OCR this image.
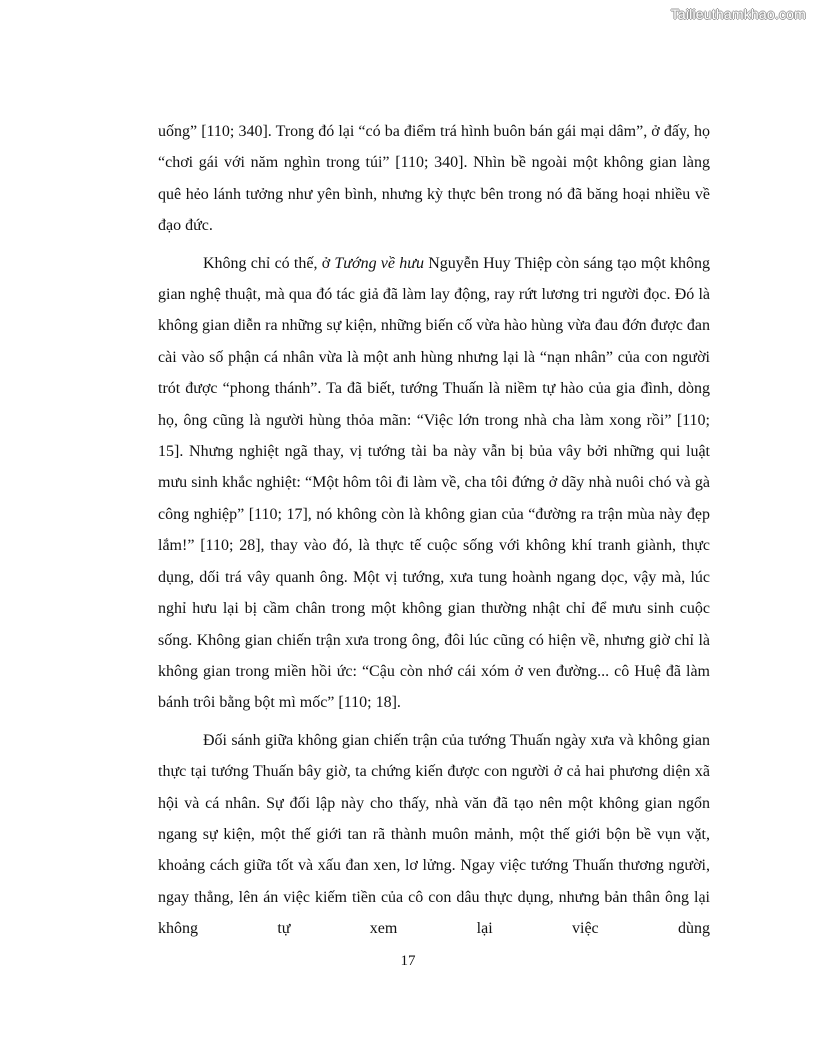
Tailieuthamkhao.com

uống” [110; 340]. Trong đó lại “có ba điểm trá hình buôn bán gái mại dâm”, ở đấy, họ “chơi gái với năm nghìn trong túi” [110; 340]. Nhìn bề ngoài một không gian làng quê hẻo lánh tưởng như yên bình, nhưng kỳ thực bên trong nó đã băng hoại nhiều về đạo đức.

Không chỉ có thế, ở Tướng về hưu Nguyễn Huy Thiệp còn sáng tạo một không gian nghệ thuật, mà qua đó tác giả đã làm lay động, ray rứt lương tri người đọc. Đó là không gian diễn ra những sự kiện, những biến cố vừa hào hùng vừa đau đớn được đan cài vào số phận cá nhân vừa là một anh hùng nhưng lại là “nạn nhân” của con người trót được “phong thánh”. Ta đã biết, tướng Thuấn là niềm tự hào của gia đình, dòng họ, ông cũng là người hùng thỏa mãn: “Việc lớn trong nhà cha làm xong rồi” [110; 15]. Nhưng nghiệt ngã thay, vị tướng tài ba này vẫn bị bủa vây bởi những qui luật mưu sinh khắc nghiệt: “Một hôm tôi đi làm về, cha tôi đứng ở dãy nhà nuôi chó và gà công nghiệp” [110; 17], nó không còn là không gian của “đường ra trận mùa này đẹp lắm!” [110; 28], thay vào đó, là thực tế cuộc sống với không khí tranh giành, thực dụng, dối trá vây quanh ông. Một vị tướng, xưa tung hoành ngang dọc, vậy mà, lúc nghỉ hưu lại bị cầm chân trong một không gian thường nhật chỉ để mưu sinh cuộc sống. Không gian chiến trận xưa trong ông, đôi lúc cũng có hiện về, nhưng giờ chỉ là không gian trong miền hồi ức: “Cậu còn nhớ cái xóm ở ven đường... cô Huệ đã làm bánh trôi bằng bột mì mốc” [110; 18].

Đối sánh giữa không gian chiến trận của tướng Thuấn ngày xưa và không gian thực tại tướng Thuấn bây giờ, ta chứng kiến được con người ở cả hai phương diện xã hội và cá nhân. Sự đối lập này cho thấy, nhà văn đã tạo nên một không gian ngổn ngang sự kiện, một thế giới tan rã thành muôn mảnh, một thế giới bộn bề vụn vặt, khoảng cách giữa tốt và xấu đan xen, lơ lửng. Ngay việc tướng Thuấn thương người, ngay thẳng, lên án việc kiếm tiền của cô con dâu thực dụng, nhưng bản thân ông lại không tự xem lại việc dùng

17
